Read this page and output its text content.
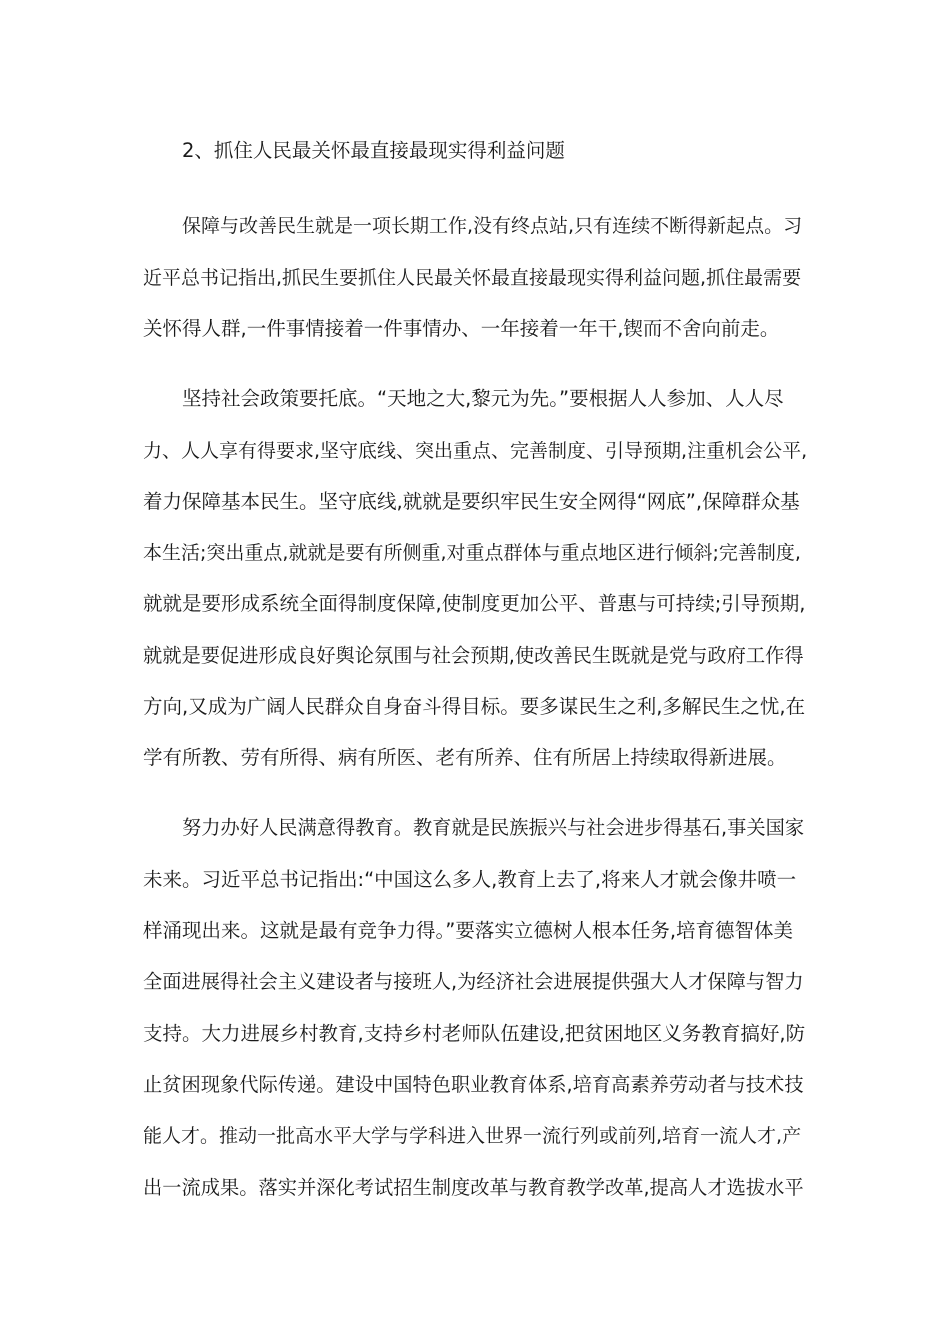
2、抓住人民最关怀最直接最现实得利益问题
保障与改善民生就是一项长期工作,没有终点站,只有连续不断得新起点。习
近平总书记指出,抓民生要抓住人民最关怀最直接最现实得利益问题,抓住最需要
关怀得人群,一件事情接着一件事情办、一年接着一年干,锲而不舍向前走。
坚持社会政策要托底。“天地之大,黎元为先。”要根据人人参加、人人尽
力、人人享有得要求,坚守底线、突出重点、完善制度、引导预期,注重机会公平,
着力保障基本民生。坚守底线,就就是要织牢民生安全网得“网底”,保障群众基
本生活;突出重点,就就是要有所侧重,对重点群体与重点地区进行倾斜;完善制度,
就就是要形成系统全面得制度保障,使制度更加公平、普惠与可持续;引导预期,
就就是要促进形成良好舆论氛围与社会预期,使改善民生既就是党与政府工作得
方向,又成为广阔人民群众自身奋斗得目标。要多谋民生之利,多解民生之忧,在
学有所教、劳有所得、病有所医、老有所养、住有所居上持续取得新进展。
努力办好人民满意得教育。教育就是民族振兴与社会进步得基石,事关国家
未来。习近平总书记指出:“中国这么多人,教育上去了,将来人才就会像井喷一
样涌现出来。这就是最有竞争力得。”要落实立德树人根本任务,培育德智体美
全面进展得社会主义建设者与接班人,为经济社会进展提供强大人才保障与智力
支持。大力进展乡村教育,支持乡村老师队伍建设,把贫困地区义务教育搞好,防
止贫困现象代际传递。建设中国特色职业教育体系,培育高素养劳动者与技术技
能人才。推动一批高水平大学与学科进入世界一流行列或前列,培育一流人才,产
出一流成果。落实并深化考试招生制度改革与教育教学改革,提高人才选拔水平
